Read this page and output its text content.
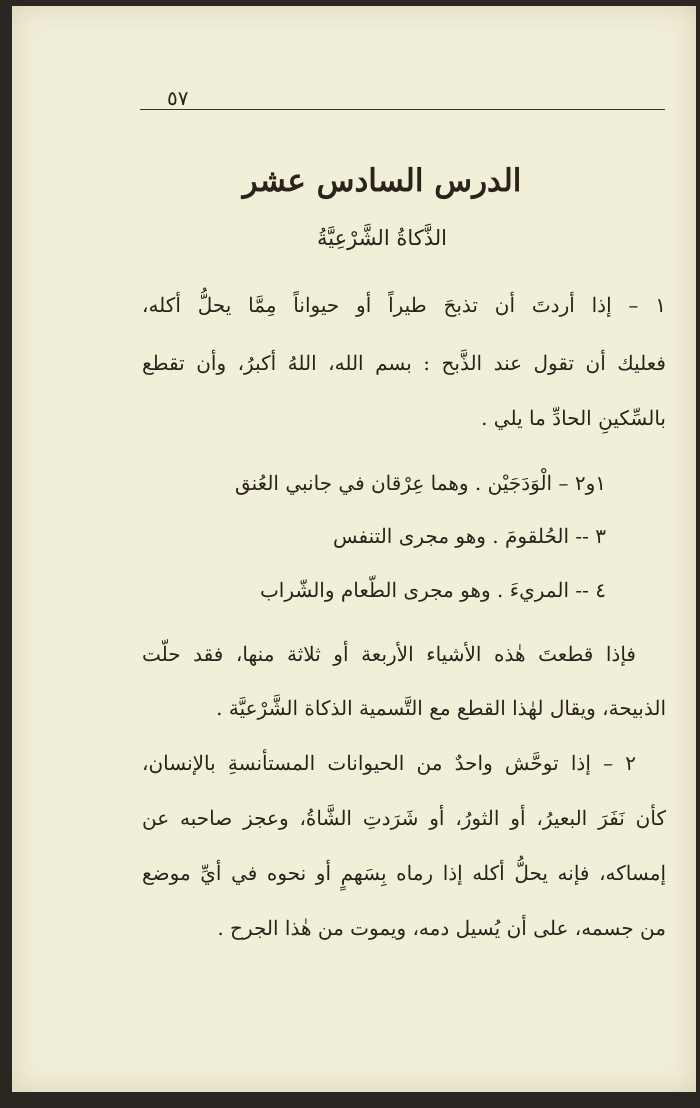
٥٧
الدرس السادس عشر
الذَّكاةُ الشَّرْعِيَّةُ
١ – إذا أردتَ أن تذبحَ طيراً أو حيواناً مِمَّا يحلُّ أكله،
فعليك أن تقول عند الذَّبح : بسم الله، اللهُ أكبرُ، وأن تقطع
بالسِّكينِ الحادِّ ما يلي .
١و٢ – الْوَدَجَيْن . وهما عِرْقان في جانبي العُنق
٣ -- الحُلقومَ . وهو مجرى التنفس
٤ -- المريءَ . وهو مجرى الطّعام والشّراب
فإذا قطعتَ هٰذه الأشياء الأربعة أو ثلاثة منها، فقد حلّت
الذبيحة، ويقال لهٰذا القطع مع التَّسمية الذكاة الشَّرْعيَّة .
٢ – إذا توحَّش واحدٌ من الحيوانات المستأنسةِ بالإنسان،
كأن نَفَرَ البعيرُ، أو الثورُ، أو شَرَدتِ الشَّاةُ، وعجز صاحبه عن
إمساكه، فإنه يحلُّ أكله إذا رماه بِسَهمٍ أو نحوه في أيِّ موضع
من جسمه، على أن يُسيل دمه، ويموت من هٰذا الجرح .
